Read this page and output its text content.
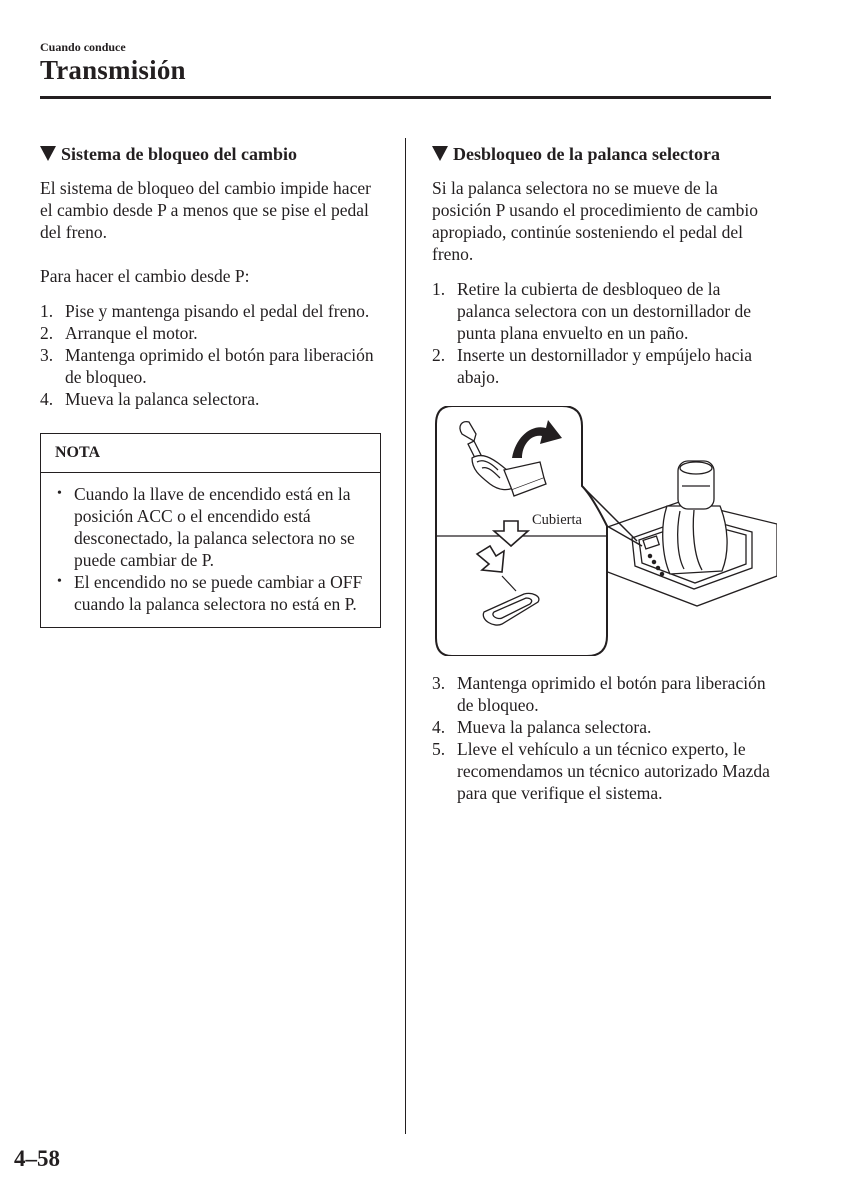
Cuando conduce
Transmisión
Sistema de bloqueo del cambio

El sistema de bloqueo del cambio impide hacer el cambio desde P a menos que se pise el pedal del freno.

Para hacer el cambio desde P:

1. Pise y mantenga pisando el pedal del freno.
2. Arranque el motor.
3. Mantenga oprimido el botón para liberación de bloqueo.
4. Mueva la palanca selectora.
NOTA
• Cuando la llave de encendido está en la posición ACC o el encendido está desconectado, la palanca selectora no se puede cambiar de P.
• El encendido no se puede cambiar a OFF cuando la palanca selectora no está en P.
Desbloqueo de la palanca selectora

Si la palanca selectora no se mueve de la posición P usando el procedimiento de cambio apropiado, continúe sosteniendo el pedal del freno.

1. Retire la cubierta de desbloqueo de la palanca selectora con un destornillador de punta plana envuelto en un paño.
2. Inserte un destornillador y empújelo hacia abajo.
Cubierta
3. Mantenga oprimido el botón para liberación de bloqueo.
4. Mueva la palanca selectora.
5. Lleve el vehículo a un técnico experto, le recomendamos un técnico autorizado Mazda para que verifique el sistema.
4–58
